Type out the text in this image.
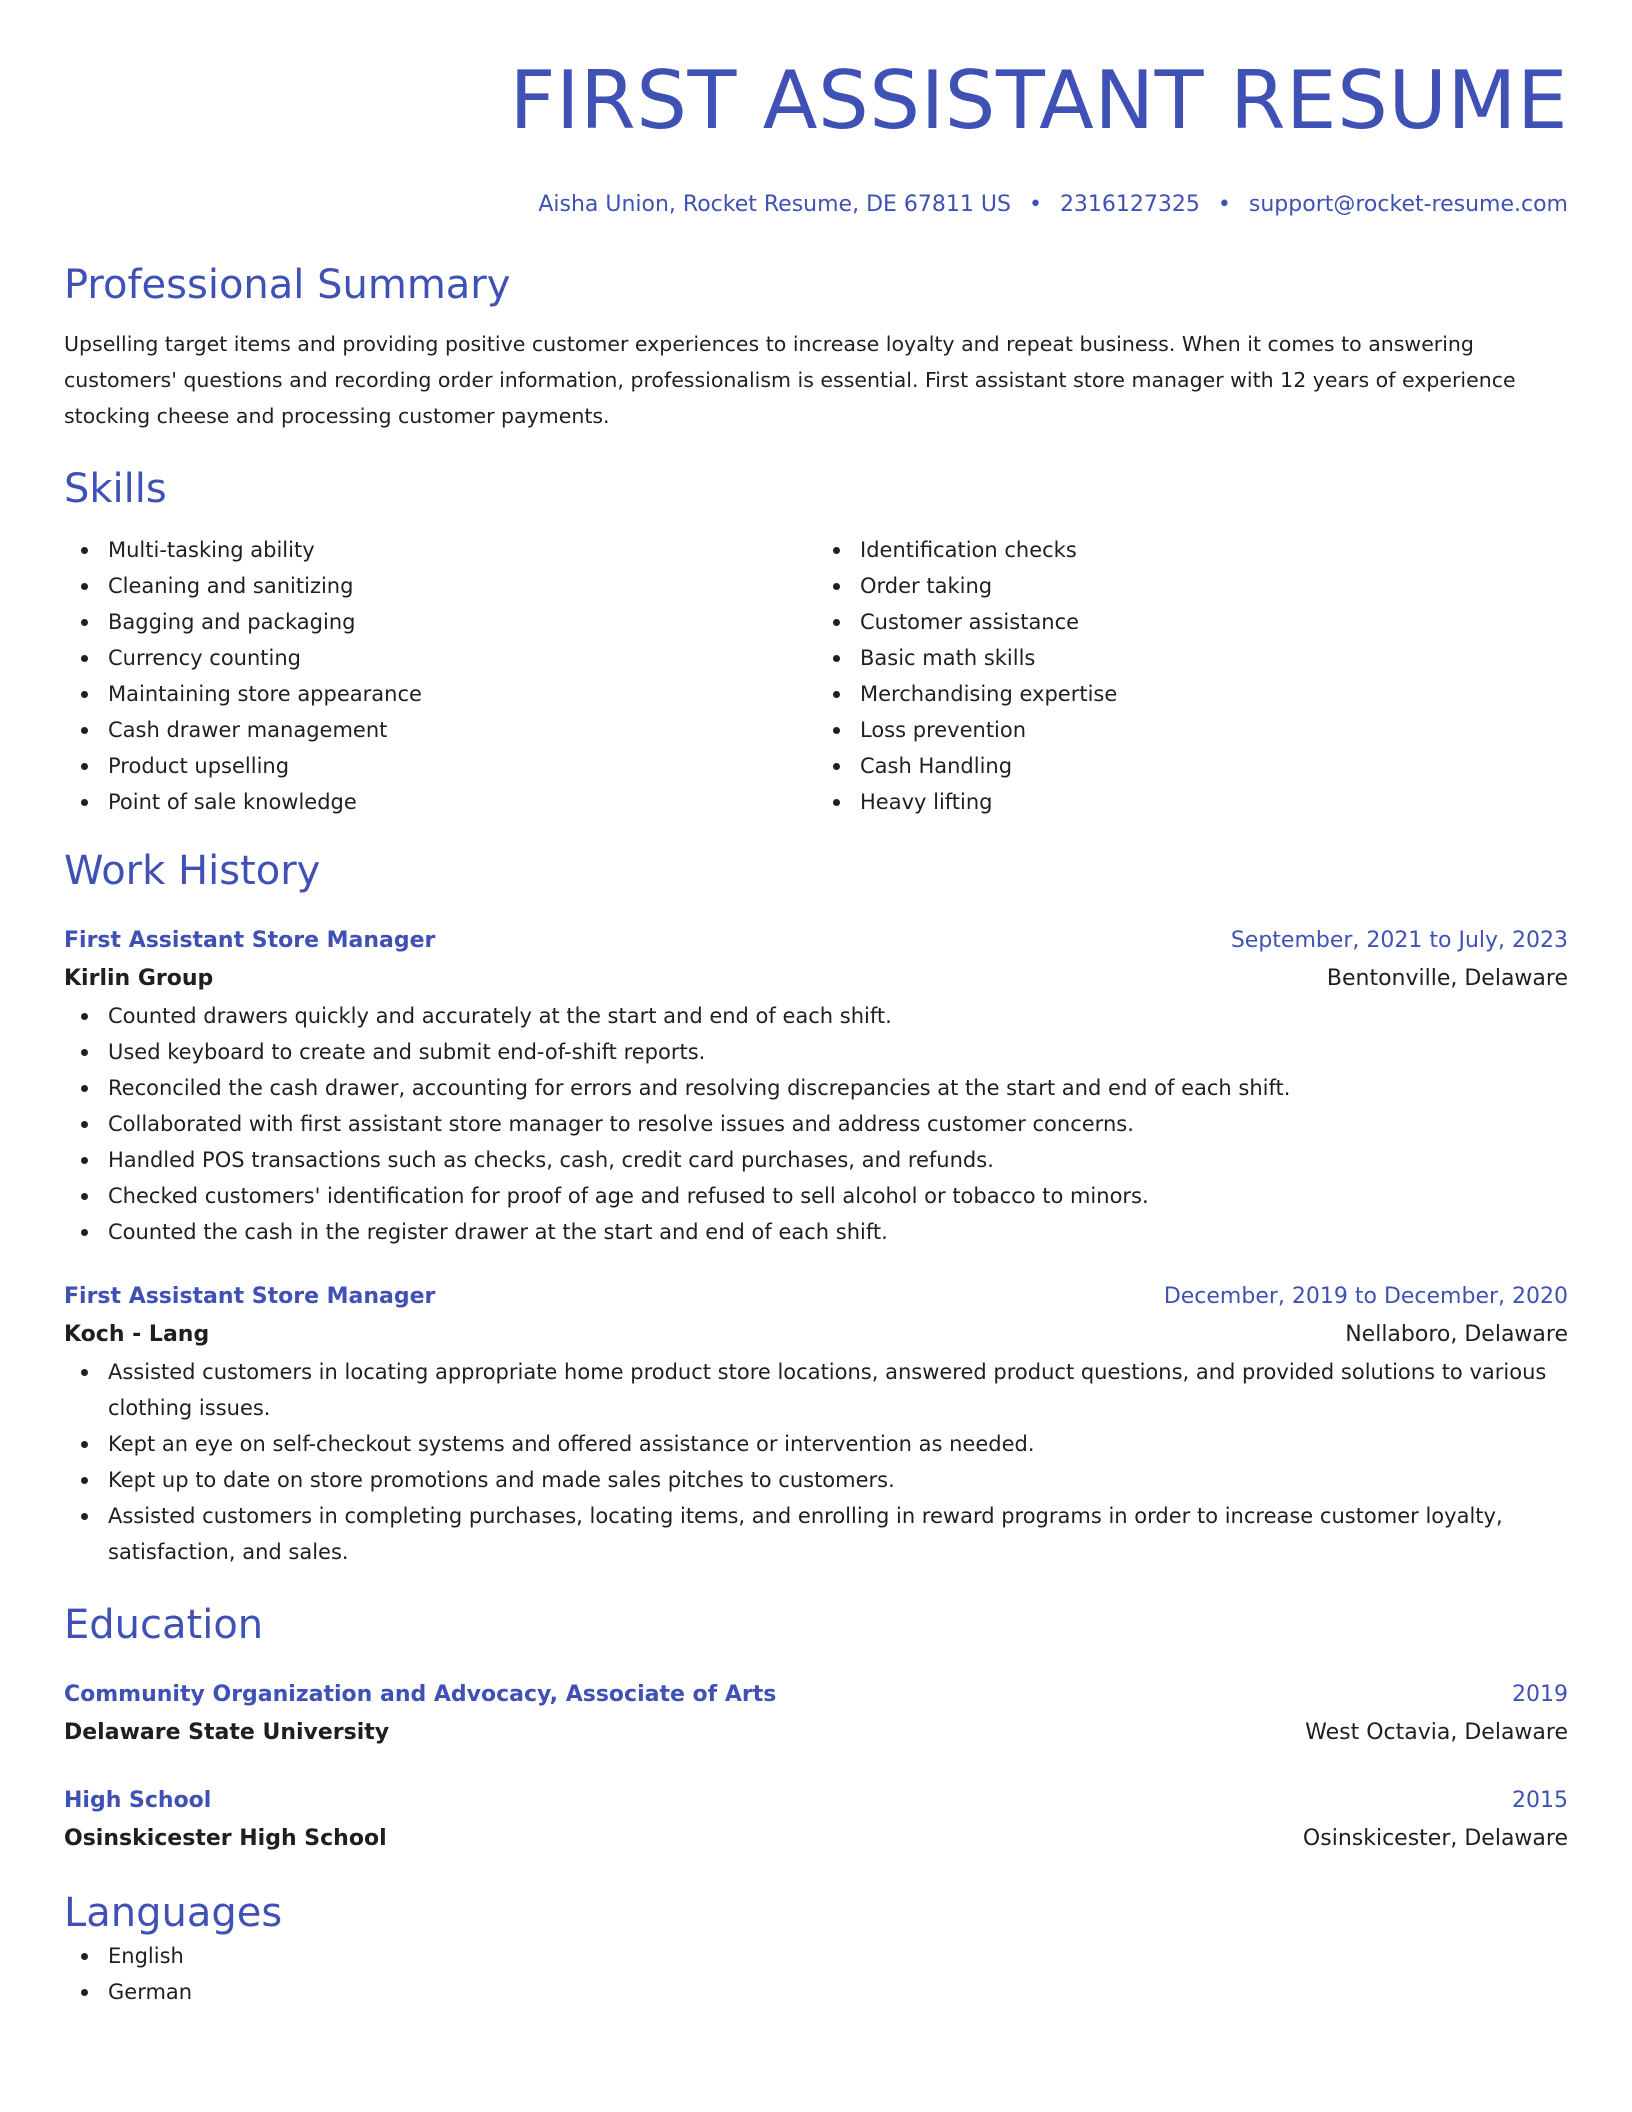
FIRST ASSISTANT RESUME
Aisha Union, Rocket Resume, DE 67811 US • 2316127325 • support@rocket-resume.com
Professional Summary

Upselling target items and providing positive customer experiences to increase loyalty and repeat business. When it comes to answering customers' questions and recording order information, professionalism is essential. First assistant store manager with 12 years of experience stocking cheese and processing customer payments.

Skills
Multi-tasking ability
Cleaning and sanitizing
Bagging and packaging
Currency counting
Maintaining store appearance
Cash drawer management
Product upselling
Point of sale knowledge
Identification checks
Order taking
Customer assistance
Basic math skills
Merchandising expertise
Loss prevention
Cash Handling
Heavy lifting
Work History
First Assistant Store Manager	September, 2021 to July, 2023
Kirlin Group	Bentonville, Delaware
Counted drawers quickly and accurately at the start and end of each shift.
Used keyboard to create and submit end-of-shift reports.
Reconciled the cash drawer, accounting for errors and resolving discrepancies at the start and end of each shift.
Collaborated with first assistant store manager to resolve issues and address customer concerns.
Handled POS transactions such as checks, cash, credit card purchases, and refunds.
Checked customers' identification for proof of age and refused to sell alcohol or tobacco to minors.
Counted the cash in the register drawer at the start and end of each shift.
First Assistant Store Manager	December, 2019 to December, 2020
Koch - Lang	Nellaboro, Delaware
Assisted customers in locating appropriate home product store locations, answered product questions, and provided solutions to various clothing issues.
Kept an eye on self-checkout systems and offered assistance or intervention as needed.
Kept up to date on store promotions and made sales pitches to customers.
Assisted customers in completing purchases, locating items, and enrolling in reward programs in order to increase customer loyalty, satisfaction, and sales.
Education
Community Organization and Advocacy, Associate of Arts	2019
Delaware State University	West Octavia, Delaware
High School	2015
Osinskicester High School	Osinskicester, Delaware
Languages
English
German
